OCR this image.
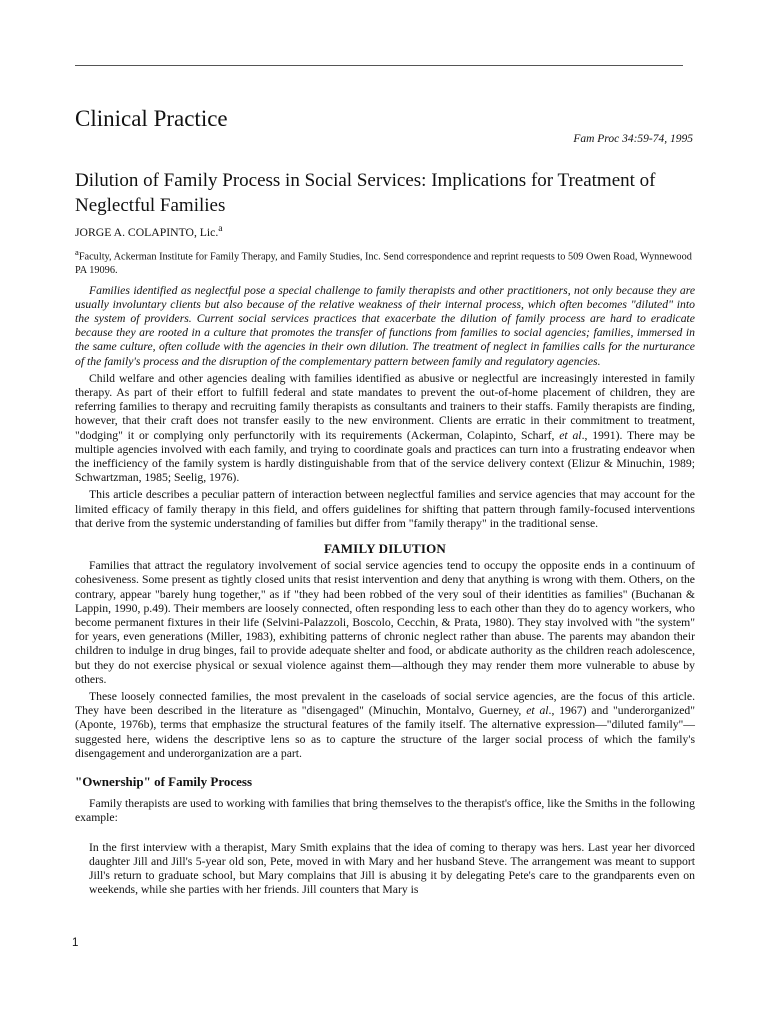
Clinical Practice
Fam Proc 34:59-74, 1995
Dilution of Family Process in Social Services: Implications for Treatment of Neglectful Families
JORGE A. COLAPINTO, Lic.$^a$
$^a$Faculty, Ackerman Institute for Family Therapy, and Family Studies, Inc. Send correspondence and reprint requests to 509 Owen Road, Wynnewood PA 19096.

Families identified as neglectful pose a special challenge to family therapists and other practitioners, not only because they are usually involuntary clients but also because of the relative weakness of their internal process, which often becomes "diluted" into the system of providers. Current social services practices that exacerbate the dilution of family process are hard to eradicate because they are rooted in a culture that promotes the transfer of functions from families to social agencies; families, immersed in the same culture, often collude with the agencies in their own dilution. The treatment of neglect in families calls for the nurturance of the family's process and the disruption of the complementary pattern between family and regulatory agencies.

Child welfare and other agencies dealing with families identified as abusive or neglectful are increasingly interested in family therapy. As part of their effort to fulfill federal and state mandates to prevent the out-of-home placement of children, they are referring families to therapy and recruiting family therapists as consultants and trainers to their staffs. Family therapists are finding, however, that their craft does not transfer easily to the new environment. Clients are erratic in their commitment to treatment, "dodging" it or complying only perfunctorily with its requirements (Ackerman, Colapinto, Scharf, et al., 1991). There may be multiple agencies involved with each family, and trying to coordinate goals and practices can turn into a frustrating endeavor when the inefficiency of the family system is hardly distinguishable from that of the service delivery context (Elizur & Minuchin, 1989; Schwartzman, 1985; Seelig, 1976).

This article describes a peculiar pattern of interaction between neglectful families and service agencies that may account for the limited efficacy of family therapy in this field, and offers guidelines for shifting that pattern through family-focused interventions that derive from the systemic understanding of families but differ from "family therapy" in the traditional sense.

FAMILY DILUTION

Families that attract the regulatory involvement of social service agencies tend to occupy the opposite ends in a continuum of cohesiveness. Some present as tightly closed units that resist intervention and deny that anything is wrong with them. Others, on the contrary, appear "barely hung together," as if "they had been robbed of the very soul of their identities as families" (Buchanan & Lappin, 1990, p.49). Their members are loosely connected, often responding less to each other than they do to agency workers, who become permanent fixtures in their life (Selvini-Palazzoli, Boscolo, Cecchin, & Prata, 1980). They stay involved with "the system" for years, even generations (Miller, 1983), exhibiting patterns of chronic neglect rather than abuse. The parents may abandon their children to indulge in drug binges, fail to provide adequate shelter and food, or abdicate authority as the children reach adolescence, but they do not exercise physical or sexual violence against them—although they may render them more vulnerable to abuse by others.

These loosely connected families, the most prevalent in the caseloads of social service agencies, are the focus of this article. They have been described in the literature as "disengaged" (Minuchin, Montalvo, Guerney, et al., 1967) and "underorganized" (Aponte, 1976b), terms that emphasize the structural features of the family itself. The alternative expression—"diluted family"—suggested here, widens the descriptive lens so as to capture the structure of the larger social process of which the family's disengagement and underorganization are a part.

"Ownership" of Family Process

Family therapists are used to working with families that bring themselves to the therapist's office, like the Smiths in the following example:

In the first interview with a therapist, Mary Smith explains that the idea of coming to therapy was hers. Last year her divorced daughter Jill and Jill's 5-year old son, Pete, moved in with Mary and her husband Steve. The arrangement was meant to support Jill's return to graduate school, but Mary complains that Jill is abusing it by delegating Pete's care to the grandparents even on weekends, while she parties with her friends. Jill counters that Mary is

1
